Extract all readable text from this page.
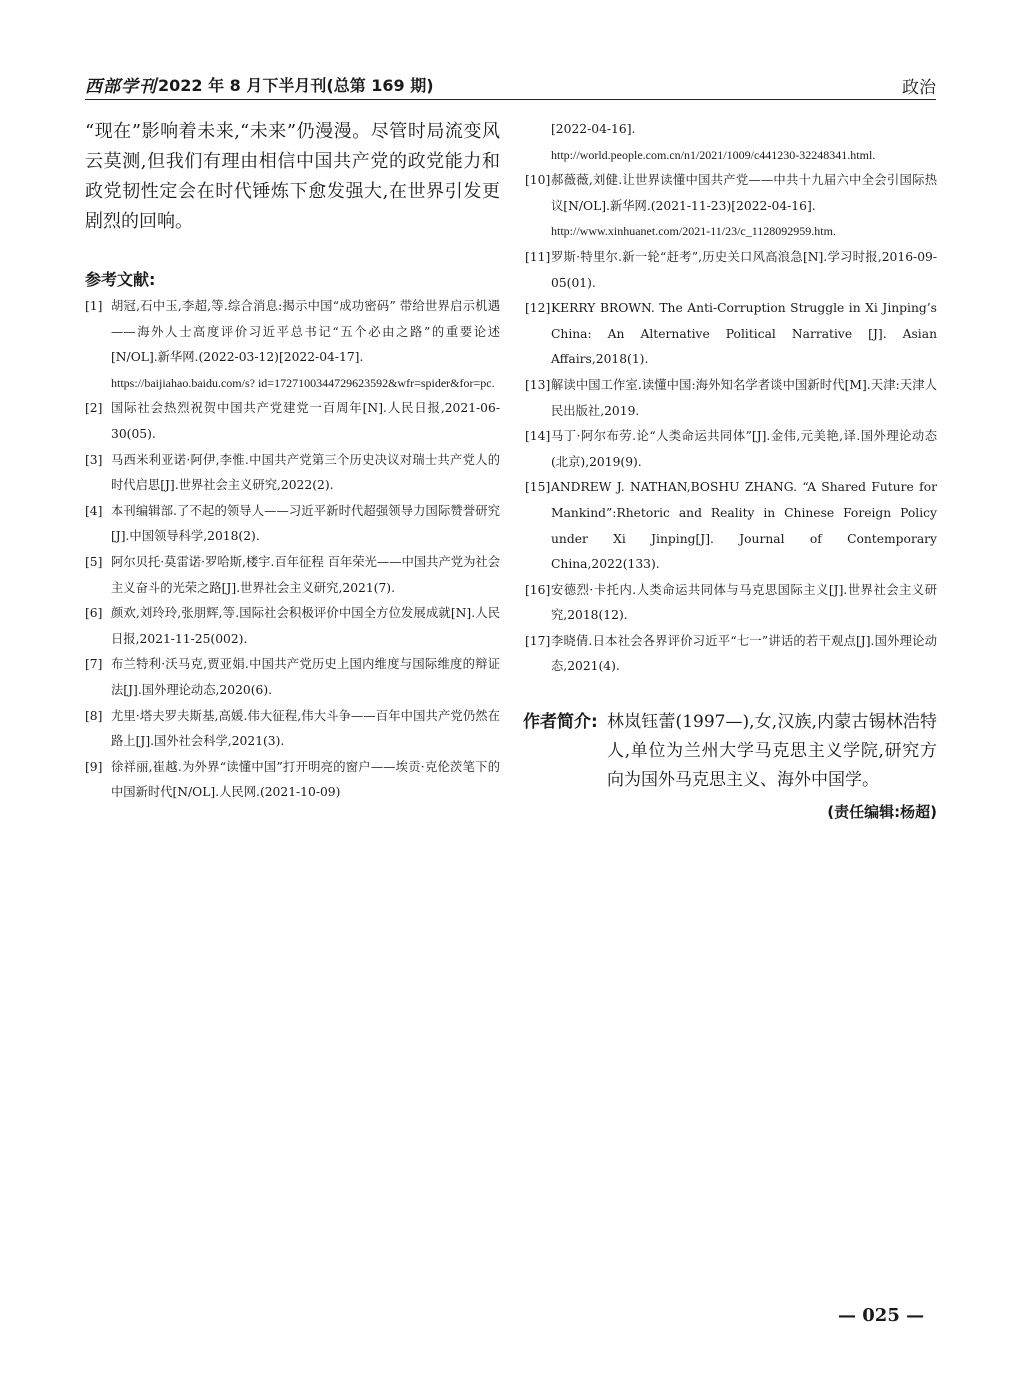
西部学刊 2022 年 8 月下半月刊(总第 169 期)	政治

“现在”影响着未来,“未来”仍漫漫。尽管时局流变风云莫测,但我们有理由相信中国共产党的政党能力和政党韧性定会在时代锤炼下愈发强大,在世界引发更剧烈的回响。

参考文献:
[1] 胡冠,石中玉,李超,等.综合消息:揭示中国“成功密码” 带给世界启示机遇——海外人士高度评价习近平总书记“五个必由之路”的重要论述[N/OL].新华网.(2022-03-12)[2022-04-17].
https://baijiahao.baidu.com/s? id=1727100344729623592&wfr=spider&for=pc.
[2] 国际社会热烈祝贺中国共产党建党一百周年[N].人民日报,2021-06-30(05).
[3] 马西米利亚诺·阿伊,李惟.中国共产党第三个历史决议对瑞士共产党人的时代启思[J].世界社会主义研究,2022(2).
[4] 本刊编辑部.了不起的领导人——习近平新时代超强领导力国际赞誉研究[J].中国领导科学,2018(2).
[5] 阿尔贝托·莫雷诺·罗哈斯,楼宇.百年征程 百年荣光——中国共产党为社会主义奋斗的光荣之路[J].世界社会主义研究,2021(7).
[6] 颜欢,刘玲玲,张朋辉,等.国际社会积极评价中国全方位发展成就[N].人民日报,2021-11-25(002).
[7] 布兰特利·沃马克,贾亚娟.中国共产党历史上国内维度与国际维度的辩证法[J].国外理论动态,2020(6).
[8] 尤里·塔夫罗夫斯基,高媛.伟大征程,伟大斗争——百年中国共产党仍然在路上[J].国外社会科学,2021(3).
[9] 徐祥丽,崔越.为外界“读懂中国”打开明亮的窗户——埃贡·克伦茨笔下的中国新时代[N/OL].人民网.(2021-10-09)
[2022-04-16].
http://world.people.com.cn/n1/2021/1009/c441230-32248341.html.
[10] 郝薇薇,刘健.让世界读懂中国共产党——中共十九届六中全会引国际热议[N/OL].新华网.(2021-11-23)[2022-04-16].
http://www.xinhuanet.com/2021-11/23/c_1128092959.htm.
[11] 罗斯·特里尔.新一轮“赶考”,历史关口风高浪急[N].学习时报,2016-09-05(01).
[12] KERRY BROWN. The Anti-Corruption Struggle in Xi Jinping’s China: An Alternative Political Narrative [J]. Asian Affairs,2018(1).
[13] 解读中国工作室.读懂中国:海外知名学者谈中国新时代[M].天津:天津人民出版社,2019.
[14] 马丁·阿尔布劳.论“人类命运共同体”[J].金伟,元美艳,译.国外理论动态(北京),2019(9).
[15] ANDREW J. NATHAN,BOSHU ZHANG. “A Shared Future for Mankind”:Rhetoric and Reality in Chinese Foreign Policy under Xi Jinping[J]. Journal of Contemporary China,2022(133).
[16] 安德烈·卡托内.人类命运共同体与马克思国际主义[J].世界社会主义研究,2018(12).
[17] 李晓倩.日本社会各界评价习近平“七一”讲话的若干观点[J].国外理论动态,2021(4).
作者简介: 林岚钰蕾(1997—),女,汉族,内蒙古锡林浩特人,单位为兰州大学马克思主义学院,研究方向为国外马克思主义、海外中国学。
(责任编辑:杨超)
— 025 —
